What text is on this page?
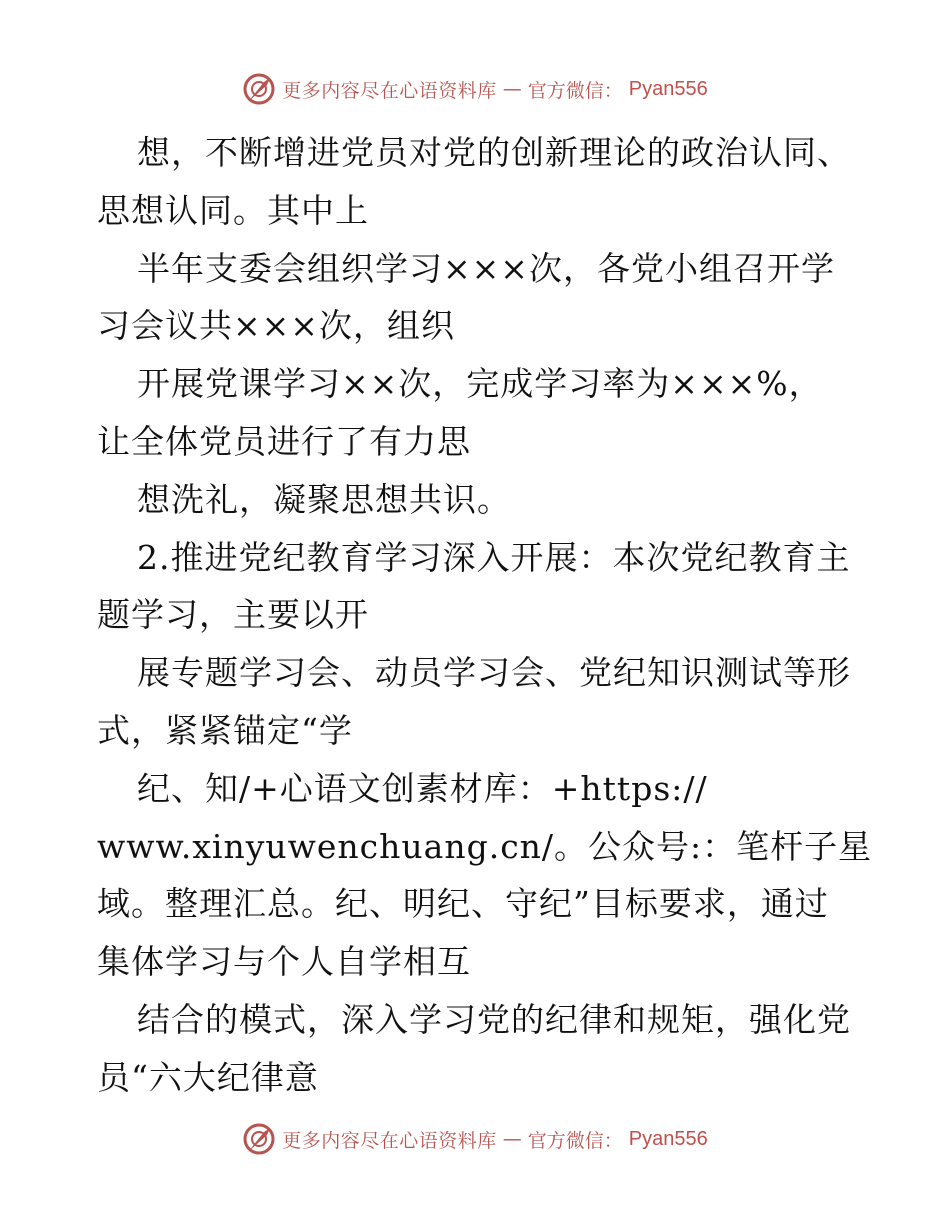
更多内容尽在心语资料库 — 官方微信： Pyan556
想，不断增进党员对党的创新理论的政治认同、
思想认同。其中上
半年支委会组织学习×××次，各党小组召开学
习会议共×××次，组织
开展党课学习××次，完成学习率为×××%，
让全体党员进行了有力思
想洗礼，凝聚思想共识。
2.推进党纪教育学习深入开展：本次党纪教育主
题学习，主要以开
展专题学习会、动员学习会、党纪知识测试等形
式，紧紧锚定“学
纪、知/+心语文创素材库：+https://
www.xinyuwenchuang.cn/。公众号:：笔杆子星
域。整理汇总。纪、明纪、守纪”目标要求，通过
集体学习与个人自学相互
结合的模式，深入学习党的纪律和规矩，强化党
员“六大纪律意
更多内容尽在心语资料库 — 官方微信： Pyan556
